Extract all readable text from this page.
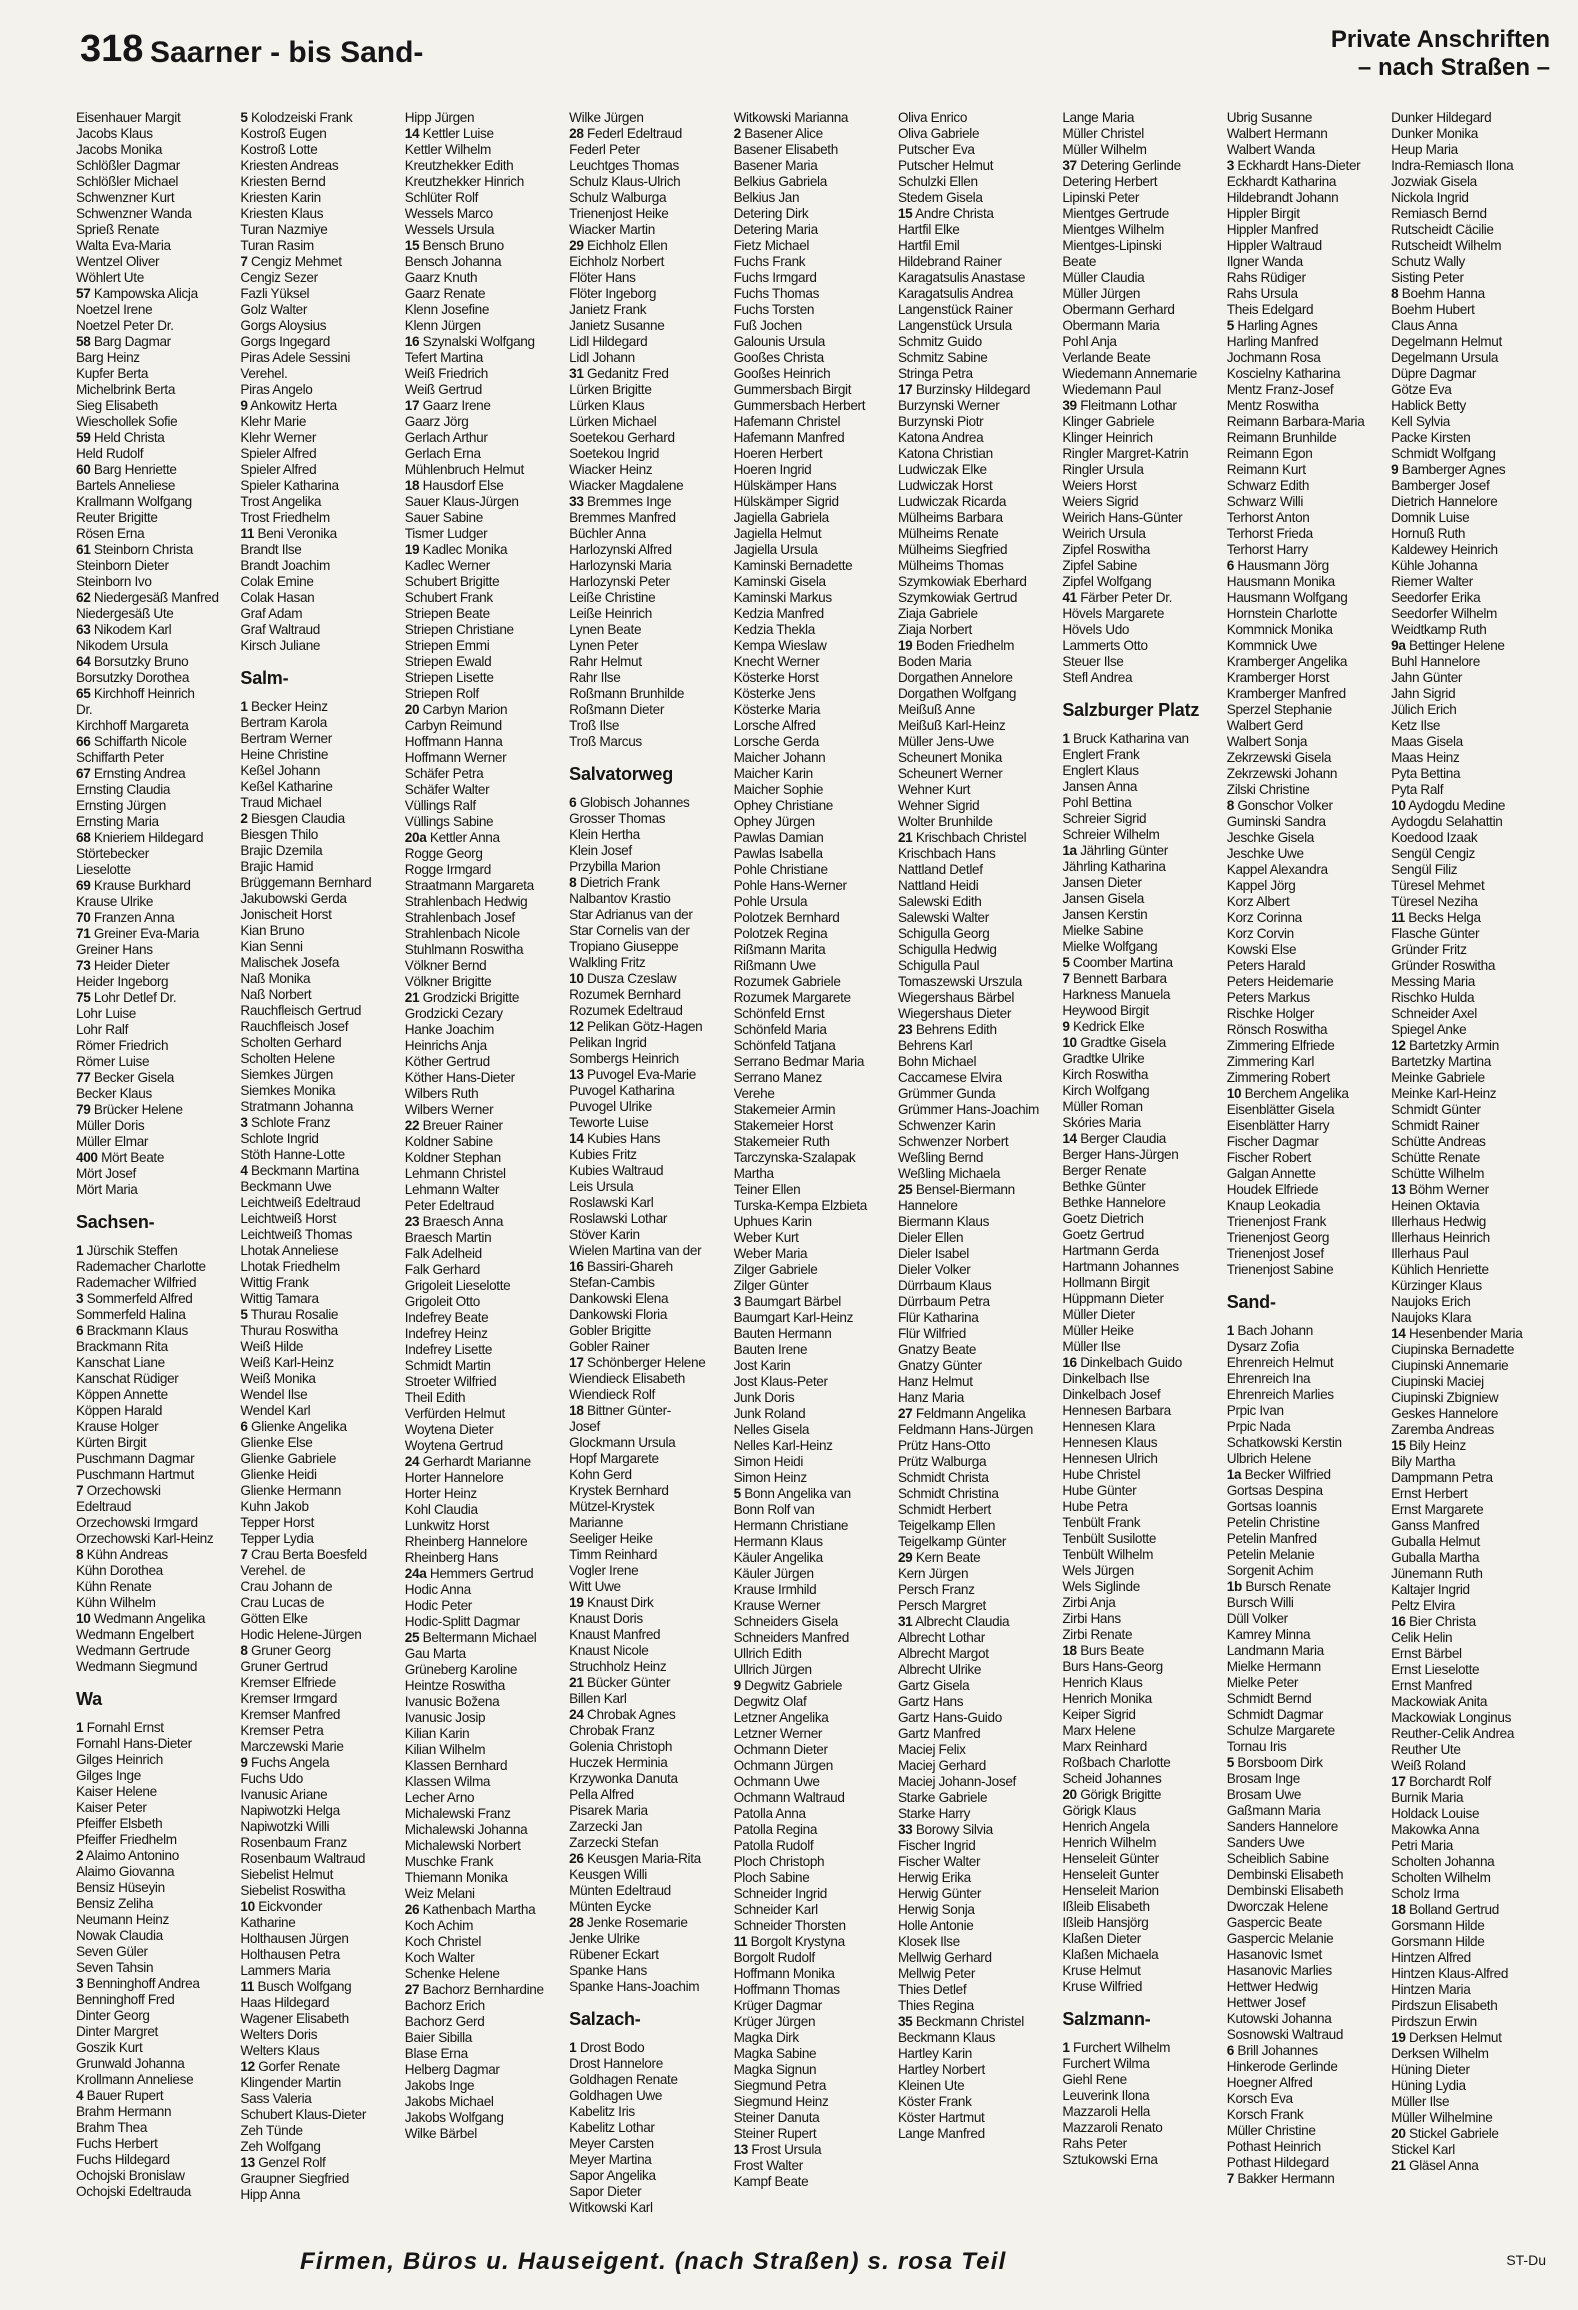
318 Saarner - bis Sand-	Private Anschriften
– nach Straßen –
Eisenhauer Margit
Jacobs Klaus
Jacobs Monika
Schlößler Dagmar
Schlößler Michael
Schwenzner Kurt
Schwenzner Wanda
Sprieß Renate
Walta Eva-Maria
Wentzel Oliver
Wöhlert Ute
57 Kampowska Alicja
Noetzel Irene
Noetzel Peter Dr.
58 Barg Dagmar
Barg Heinz
Kupfer Berta
Michelbrink Berta
Sieg Elisabeth
Wieschollek Sofie
59 Held Christa
Held Rudolf
60 Barg Henriette
Bartels Anneliese
Krallmann Wolfgang
Reuter Brigitte
Rösen Erna
61 Steinborn Christa
Steinborn Dieter
Steinborn Ivo
62 Niedergesäß Manfred
Niedergesäß Ute
63 Nikodem Karl
Nikodem Ursula
64 Borsutzky Bruno
Borsutzky Dorothea
65 Kirchhoff Heinrich
Dr.
Kirchhoff Margareta
66 Schiffarth Nicole
Schiffarth Peter
67 Ernsting Andrea
Ernsting Claudia
Ernsting Jürgen
Ernsting Maria
68 Knieriem Hildegard
Störtebecker
Lieselotte
69 Krause Burkhard
Krause Ulrike
70 Franzen Anna
71 Greiner Eva-Maria
Greiner Hans
73 Heider Dieter
Heider Ingeborg
75 Lohr Detlef Dr.
Lohr Luise
Lohr Ralf
Römer Friedrich
Römer Luise
77 Becker Gisela
Becker Klaus
79 Brücker Helene
Müller Doris
Müller Elmar
400 Mört Beate
Mört Josef
Mört Maria
Sachsen-
1 Jürschik Steffen
Rademacher Charlotte
Rademacher Wilfried
3 Sommerfeld Alfred
Sommerfeld Halina
6 Brackmann Klaus
Brackmann Rita
Kanschat Liane
Kanschat Rüdiger
Köppen Annette
Köppen Harald
Krause Holger
Kürten Birgit
Puschmann Dagmar
Puschmann Hartmut
7 Orzechowski
Edeltraud
Orzechowski Irmgard
Orzechowski Karl-Heinz
8 Kühn Andreas
Kühn Dorothea
Kühn Renate
Kühn Wilhelm
10 Wedmann Angelika
Wedmann Engelbert
Wedmann Gertrude
Wedmann Siegmund
Wa
1 Fornahl Ernst
Fornahl Hans-Dieter
Gilges Heinrich
Gilges Inge
Kaiser Helene
Kaiser Peter
Pfeiffer Elsbeth
Pfeiffer Friedhelm
2 Alaimo Antonino
Alaimo Giovanna
Bensiz Hüseyin
Bensiz Zeliha
Neumann Heinz
Nowak Claudia
Seven Güler
Seven Tahsin
3 Benninghoff Andrea
Benninghoff Fred
Dinter Georg
Dinter Margret
Goszik Kurt
Grunwald Johanna
Krollmann Anneliese
4 Bauer Rupert
Brahm Hermann
Brahm Thea
Fuchs Herbert
Fuchs Hildegard
Ochojski Bronislaw
Ochojski Edeltrauda
5 Kolodzeiski Frank
Kostroß Eugen
Kostroß Lotte
Kriesten Andreas
Kriesten Bernd
Kriesten Karin
Kriesten Klaus
Turan Nazmiye
Turan Rasim
7 Cengiz Mehmet
Cengiz Sezer
Fazli Yüksel
Golz Walter
Gorgs Aloysius
Gorgs Ingegard
Piras Adele Sessini
Verehel.
Piras Angelo
9 Ankowitz Herta
Klehr Marie
Klehr Werner
Spieler Alfred
Spieler Alfred
Spieler Katharina
Trost Angelika
Trost Friedhelm
11 Beni Veronika
Brandt Ilse
Brandt Joachim
Colak Emine
Colak Hasan
Graf Adam
Graf Waltraud
Kirsch Juliane
Salm-
1 Becker Heinz
Bertram Karola
Bertram Werner
Heine Christine
Keßel Johann
Keßel Katharine
Traud Michael
2 Biesgen Claudia
Biesgen Thilo
Brajic Dzemila
Brajic Hamid
Brüggemann Bernhard
Jakubowski Gerda
Jonischeit Horst
Kian Bruno
Kian Senni
Malischek Josefa
Naß Monika
Naß Norbert
Rauchfleisch Gertrud
Rauchfleisch Josef
Scholten Gerhard
Scholten Helene
Siemkes Jürgen
Siemkes Monika
Stratmann Johanna
3 Schlote Franz
Schlote Ingrid
Stöth Hanne-Lotte
4 Beckmann Martina
Beckmann Uwe
Leichtweiß Edeltraud
Leichtweiß Horst
Leichtweiß Thomas
Lhotak Anneliese
Lhotak Friedhelm
Wittig Frank
Wittig Tamara
5 Thurau Rosalie
Thurau Roswitha
Weiß Hilde
Weiß Karl-Heinz
Weiß Monika
Wendel Ilse
Wendel Karl
6 Glienke Angelika
Glienke Else
Glienke Gabriele
Glienke Heidi
Glienke Hermann
Kuhn Jakob
Tepper Horst
Tepper Lydia
7 Crau Berta Boesfeld
Verehel. de
Crau Johann de
Crau Lucas de
Götten Elke
Hodic Helene-Jürgen
8 Gruner Georg
Gruner Gertrud
Kremser Elfriede
Kremser Irmgard
Kremser Manfred
Kremser Petra
Marczewski Marie
9 Fuchs Angela
Fuchs Udo
Ivanusic Ariane
Napiwotzki Helga
Napiwotzki Willi
Rosenbaum Franz
Rosenbaum Waltraud
Siebelist Helmut
Siebelist Roswitha
10 Eickvonder
Katharine
Holthausen Jürgen
Holthausen Petra
Lammers Maria
11 Busch Wolfgang
Haas Hildegard
Wagener Elisabeth
Welters Doris
Welters Klaus
12 Gorfer Renate
Klingender Martin
Sass Valeria
Schubert Klaus-Dieter
Zeh Tünde
Zeh Wolfgang
13 Genzel Rolf
Graupner Siegfried
Hipp Anna
Hipp Jürgen
14 Kettler Luise
Kettler Wilhelm
Kreutzhekker Edith
Kreutzhekker Hinrich
Schlüter Rolf
Wessels Marco
Wessels Ursula
15 Bensch Bruno
Bensch Johanna
Gaarz Knuth
Gaarz Renate
Klenn Josefine
Klenn Jürgen
16 Szynalski Wolfgang
Tefert Martina
Weiß Friedrich
Weiß Gertrud
17 Gaarz Irene
Gaarz Jörg
Gerlach Arthur
Gerlach Erna
Mühlenbruch Helmut
18 Hausdorf Else
Sauer Klaus-Jürgen
Sauer Sabine
Tismer Ludger
19 Kadlec Monika
Kadlec Werner
Schubert Brigitte
Schubert Frank
Striepen Beate
Striepen Christiane
Striepen Emmi
Striepen Ewald
Striepen Lisette
Striepen Rolf
20 Carbyn Marion
Carbyn Reimund
Hoffmann Hanna
Hoffmann Werner
Schäfer Petra
Schäfer Walter
Vüllings Ralf
Vüllings Sabine
20a Kettler Anna
Rogge Georg
Rogge Irmgard
Straatmann Margareta
Strahlenbach Hedwig
Strahlenbach Josef
Strahlenbach Nicole
Stuhlmann Roswitha
Völkner Bernd
Völkner Brigitte
21 Grodzicki Brigitte
Grodzicki Cezary
Hanke Joachim
Heinrichs Anja
Köther Gertrud
Köther Hans-Dieter
Wilbers Ruth
Wilbers Werner
22 Breuer Rainer
Koldner Sabine
Koldner Stephan
Lehmann Christel
Lehmann Walter
Peter Edeltraud
23 Braesch Anna
Braesch Martin
Falk Adelheid
Falk Gerhard
Grigoleit Lieselotte
Grigoleit Otto
Indefrey Beate
Indefrey Heinz
Indefrey Lisette
Schmidt Martin
Stroeter Wilfried
Theil Edith
Verfürden Helmut
Woytena Dieter
Woytena Gertrud
24 Gerhardt Marianne
Horter Hannelore
Horter Heinz
Kohl Claudia
Lunkwitz Horst
Rheinberg Hannelore
Rheinberg Hans
24a Hemmers Gertrud
Hodic Anna
Hodic Peter
Hodic-Splitt Dagmar
25 Beltermann Michael
Gau Marta
Grüneberg Karoline
Heintze Roswitha
Ivanusic Božena
Ivanusic Josip
Kilian Karin
Kilian Wilhelm
Klassen Bernhard
Klassen Wilma
Lecher Arno
Michalewski Franz
Michalewski Johanna
Michalewski Norbert
Muschke Frank
Thiemann Monika
Weiz Melani
26 Kathenbach Martha
Koch Achim
Koch Christel
Koch Walter
Schenke Helene
27 Bachorz Bernhardine
Bachorz Erich
Bachorz Gerd
Baier Sibilla
Blase Erna
Helberg Dagmar
Jakobs Inge
Jakobs Michael
Jakobs Wolfgang
Wilke Bärbel
Wilke Jürgen
28 Federl Edeltraud
Federl Peter
Leuchtges Thomas
Schulz Klaus-Ulrich
Schulz Walburga
Trienenjost Heike
Wiacker Martin
29 Eichholz Ellen
Eichholz Norbert
Flöter Hans
Flöter Ingeborg
Janietz Frank
Janietz Susanne
Lidl Hildegard
Lidl Johann
31 Gedanitz Fred
Lürken Brigitte
Lürken Klaus
Lürken Michael
Soetekou Gerhard
Soetekou Ingrid
Wiacker Heinz
Wiacker Magdalene
33 Bremmes Inge
Bremmes Manfred
Büchler Anna
Harlozynski Alfred
Harlozynski Maria
Harlozynski Peter
Leiße Christine
Leiße Heinrich
Lynen Beate
Lynen Peter
Rahr Helmut
Rahr Ilse
Roßmann Brunhilde
Roßmann Dieter
Troß Ilse
Troß Marcus
Salvatorweg
6 Globisch Johannes
Grosser Thomas
Klein Hertha
Klein Josef
Przybilla Marion
8 Dietrich Frank
Nalbantov Krastio
Star Adrianus van der
Star Cornelis van der
Tropiano Giuseppe
Walkling Fritz
10 Dusza Czeslaw
Rozumek Bernhard
Rozumek Edeltraud
12 Pelikan Götz-Hagen
Pelikan Ingrid
Sombergs Heinrich
13 Puvogel Eva-Marie
Puvogel Katharina
Puvogel Ulrike
Teworte Luise
14 Kubies Hans
Kubies Fritz
Kubies Waltraud
Leis Ursula
Roslawski Karl
Roslawski Lothar
Stöver Karin
Wielen Martina van der
16 Bassiri-Ghareh
Stefan-Cambis
Dankowski Elena
Dankowski Floria
Gobler Brigitte
Gobler Rainer
17 Schönberger Helene
Wiendieck Elisabeth
Wiendieck Rolf
18 Bittner Günter-
Josef
Glockmann Ursula
Hopf Margarete
Kohn Gerd
Krystek Bernhard
Mützel-Krystek
Marianne
Seeliger Heike
Timm Reinhard
Vogler Irene
Witt Uwe
19 Knaust Dirk
Knaust Doris
Knaust Manfred
Knaust Nicole
Struchholz Heinz
21 Bücker Günter
Billen Karl
24 Chrobak Agnes
Chrobak Franz
Golenia Christoph
Huczek Herminia
Krzywonka Danuta
Pella Alfred
Pisarek Maria
Zarzecki Jan
Zarzecki Stefan
26 Keusgen Maria-Rita
Keusgen Willi
Münten Edeltraud
Münten Eycke
28 Jenke Rosemarie
Jenke Ulrike
Rübener Eckart
Spanke Hans
Spanke Hans-Joachim
Salzach-
1 Drost Bodo
Drost Hannelore
Goldhagen Renate
Goldhagen Uwe
Kabelitz Iris
Kabelitz Lothar
Meyer Carsten
Meyer Martina
Sapor Angelika
Sapor Dieter
Witkowski Karl
Witkowski Marianna
2 Basener Alice
Basener Elisabeth
Basener Maria
Belkius Gabriela
Belkius Jan
Detering Dirk
Detering Maria
Fietz Michael
Fuchs Frank
Fuchs Irmgard
Fuchs Thomas
Fuchs Torsten
Fuß Jochen
Galounis Ursula
Gooßes Christa
Gooßes Heinrich
Gummersbach Birgit
Gummersbach Herbert
Hafemann Christel
Hafemann Manfred
Hoeren Herbert
Hoeren Ingrid
Hülskämper Hans
Hülskämper Sigrid
Jagiella Gabriela
Jagiella Helmut
Jagiella Ursula
Kaminski Bernadette
Kaminski Gisela
Kaminski Markus
Kedzia Manfred
Kedzia Thekla
Kempa Wieslaw
Knecht Werner
Kösterke Horst
Kösterke Jens
Kösterke Maria
Lorsche Alfred
Lorsche Gerda
Maicher Johann
Maicher Karin
Maicher Sophie
Ophey Christiane
Ophey Jürgen
Pawlas Damian
Pawlas Isabella
Pohle Christiane
Pohle Hans-Werner
Pohle Ursula
Polotzek Bernhard
Polotzek Regina
Rißmann Marita
Rißmann Uwe
Rozumek Gabriele
Rozumek Margarete
Schönfeld Ernst
Schönfeld Maria
Schönfeld Tatjana
Serrano Bedmar Maria
Serrano Manez
Verehe
Stakemeier Armin
Stakemeier Horst
Stakemeier Ruth
Tarczynska-Szalapak
Martha
Teiner Ellen
Turska-Kempa Elzbieta
Uphues Karin
Weber Kurt
Weber Maria
Zilger Gabriele
Zilger Günter
3 Baumgart Bärbel
Baumgart Karl-Heinz
Bauten Hermann
Bauten Irene
Jost Karin
Jost Klaus-Peter
Junk Doris
Junk Roland
Nelles Gisela
Nelles Karl-Heinz
Simon Heidi
Simon Heinz
5 Bonn Angelika van
Bonn Rolf van
Hermann Christiane
Hermann Klaus
Käuler Angelika
Käuler Jürgen
Krause Irmhild
Krause Werner
Schneiders Gisela
Schneiders Manfred
Ullrich Edith
Ullrich Jürgen
9 Degwitz Gabriele
Degwitz Olaf
Letzner Angelika
Letzner Werner
Ochmann Dieter
Ochmann Jürgen
Ochmann Uwe
Ochmann Waltraud
Patolla Anna
Patolla Regina
Patolla Rudolf
Ploch Christoph
Ploch Sabine
Schneider Ingrid
Schneider Karl
Schneider Thorsten
11 Borgolt Krystyna
Borgolt Rudolf
Hoffmann Monika
Hoffmann Thomas
Krüger Dagmar
Krüger Jürgen
Magka Dirk
Magka Sabine
Magka Signun
Siegmund Petra
Siegmund Heinz
Steiner Danuta
Steiner Rupert
13 Frost Ursula
Frost Walter
Kampf Beate
Oliva Enrico
Oliva Gabriele
Putscher Eva
Putscher Helmut
Schulzki Ellen
Stedem Gisela
15 Andre Christa
Hartfil Elke
Hartfil Emil
Hildebrand Rainer
Karagatsulis Anastase
Karagatsulis Andrea
Langenstück Rainer
Langenstück Ursula
Schmitz Guido
Schmitz Sabine
Stringa Petra
17 Burzinsky Hildegard
Burzynski Werner
Burzynski Piotr
Katona Andrea
Katona Christian
Ludwiczak Elke
Ludwiczak Horst
Ludwiczak Ricarda
Mülheims Barbara
Mülheims Renate
Mülheims Siegfried
Mülheims Thomas
Szymkowiak Eberhard
Szymkowiak Gertrud
Ziaja Gabriele
Ziaja Norbert
19 Boden Friedhelm
Boden Maria
Dorgathen Annelore
Dorgathen Wolfgang
Meißuß Anne
Meißuß Karl-Heinz
Müller Jens-Uwe
Scheunert Monika
Scheunert Werner
Wehner Kurt
Wehner Sigrid
Wolter Brunhilde
21 Krischbach Christel
Krischbach Hans
Nattland Detlef
Nattland Heidi
Salewski Edith
Salewski Walter
Schigulla Georg
Schigulla Hedwig
Schigulla Paul
Tomaszewski Urszula
Wiegershaus Bärbel
Wiegershaus Dieter
23 Behrens Edith
Behrens Karl
Bohn Michael
Caccamese Elvira
Grümmer Gunda
Grümmer Hans-Joachim
Schwenzer Karin
Schwenzer Norbert
Weßling Bernd
Weßling Michaela
25 Bensel-Biermann
Hannelore
Biermann Klaus
Dieler Ellen
Dieler Isabel
Dieler Volker
Dürrbaum Klaus
Dürrbaum Petra
Flür Katharina
Flür Wilfried
Gnatzy Beate
Gnatzy Günter
Hanz Helmut
Hanz Maria
27 Feldmann Angelika
Feldmann Hans-Jürgen
Prütz Hans-Otto
Prütz Walburga
Schmidt Christa
Schmidt Christina
Schmidt Herbert
Teigelkamp Ellen
Teigelkamp Günter
29 Kern Beate
Kern Jürgen
Persch Franz
Persch Margret
31 Albrecht Claudia
Albrecht Lothar
Albrecht Margot
Albrecht Ulrike
Gartz Gisela
Gartz Hans
Gartz Hans-Guido
Gartz Manfred
Maciej Felix
Maciej Gerhard
Maciej Johann-Josef
Starke Gabriele
Starke Harry
33 Borowy Silvia
Fischer Ingrid
Fischer Walter
Herwig Erika
Herwig Günter
Herwig Sonja
Holle Antonie
Klosek Ilse
Mellwig Gerhard
Mellwig Peter
Thies Detlef
Thies Regina
35 Beckmann Christel
Beckmann Klaus
Hartley Karin
Hartley Norbert
Kleinen Ute
Köster Frank
Köster Hartmut
Lange Manfred
Lange Maria
Müller Christel
Müller Wilhelm
37 Detering Gerlinde
Detering Herbert
Lipinski Peter
Mientges Gertrude
Mientges Wilhelm
Mientges-Lipinski
Beate
Müller Claudia
Müller Jürgen
Obermann Gerhard
Obermann Maria
Pohl Anja
Verlande Beate
Wiedemann Annemarie
Wiedemann Paul
39 Fleitmann Lothar
Klinger Gabriele
Klinger Heinrich
Ringler Margret-Katrin
Ringler Ursula
Weiers Horst
Weiers Sigrid
Weirich Hans-Günter
Weirich Ursula
Zipfel Roswitha
Zipfel Sabine
Zipfel Wolfgang
41 Färber Peter Dr.
Hövels Margarete
Hövels Udo
Lammerts Otto
Steuer Ilse
Stefl Andrea
Salzburger Platz
1 Bruck Katharina van
Englert Frank
Englert Klaus
Jansen Anna
Pohl Bettina
Schreier Sigrid
Schreier Wilhelm
1a Jährling Günter
Jährling Katharina
Jansen Dieter
Jansen Gisela
Jansen Kerstin
Mielke Sabine
Mielke Wolfgang
5 Coomber Martina
7 Bennett Barbara
Harkness Manuela
Heywood Birgit
9 Kedrick Elke
10 Gradtke Gisela
Gradtke Ulrike
Kirch Roswitha
Kirch Wolfgang
Müller Roman
Skóries Maria
14 Berger Claudia
Berger Hans-Jürgen
Berger Renate
Bethke Günter
Bethke Hannelore
Goetz Dietrich
Goetz Gertrud
Hartmann Gerda
Hartmann Johannes
Hollmann Birgit
Hüppmann Dieter
Müller Dieter
Müller Heike
Müller Ilse
16 Dinkelbach Guido
Dinkelbach Ilse
Dinkelbach Josef
Hennesen Barbara
Hennesen Klara
Hennesen Klaus
Hennesen Ulrich
Hube Christel
Hube Günter
Hube Petra
Tenbült Frank
Tenbült Susilotte
Tenbült Wilhelm
Wels Jürgen
Wels Siglinde
Zirbi Anja
Zirbi Hans
Zirbi Renate
18 Burs Beate
Burs Hans-Georg
Henrich Klaus
Henrich Monika
Keiper Sigrid
Marx Helene
Marx Reinhard
Roßbach Charlotte
Scheid Johannes
20 Görigk Brigitte
Görigk Klaus
Henrich Angela
Henrich Wilhelm
Henseleit Günter
Henseleit Gunter
Henseleit Marion
Ißleib Elisabeth
Ißleib Hansjörg
Klaßen Dieter
Klaßen Michaela
Kruse Helmut
Kruse Wilfried
Salzmann-
1 Furchert Wilhelm
Furchert Wilma
Giehl Rene
Leuverink Ilona
Mazzaroli Hella
Mazzaroli Renato
Rahs Peter
Sztukowski Erna
Ubrig Susanne
Walbert Hermann
Walbert Wanda
3 Eckhardt Hans-Dieter
Eckhardt Katharina
Hildebrandt Johann
Hippler Birgit
Hippler Manfred
Hippler Waltraud
Ilgner Wanda
Rahs Rüdiger
Rahs Ursula
Theis Edelgard
5 Harling Agnes
Harling Manfred
Jochmann Rosa
Koscielny Katharina
Mentz Franz-Josef
Mentz Roswitha
Reimann Barbara-Maria
Reimann Brunhilde
Reimann Egon
Reimann Kurt
Schwarz Edith
Schwarz Willi
Terhorst Anton
Terhorst Frieda
Terhorst Harry
6 Hausmann Jörg
Hausmann Monika
Hausmann Wolfgang
Hornstein Charlotte
Kommnick Monika
Kommnick Uwe
Kramberger Angelika
Kramberger Horst
Kramberger Manfred
Sperzel Stephanie
Walbert Gerd
Walbert Sonja
Zekrzewski Gisela
Zekrzewski Johann
Zilski Christine
8 Gonschor Volker
Guminski Sandra
Jeschke Gisela
Jeschke Uwe
Kappel Alexandra
Kappel Jörg
Korz Albert
Korz Corinna
Korz Corvin
Kowski Else
Peters Harald
Peters Heidemarie
Peters Markus
Rischke Holger
Rönsch Roswitha
Zimmering Elfriede
Zimmering Karl
Zimmering Robert
10 Berchem Angelika
Eisenblätter Gisela
Eisenblätter Harry
Fischer Dagmar
Fischer Robert
Galgan Annette
Houdek Elfriede
Knaup Leokadia
Trienenjost Frank
Trienenjost Georg
Trienenjost Josef
Trienenjost Sabine
Sand-
1 Bach Johann
Dysarz Zofia
Ehrenreich Helmut
Ehrenreich Ina
Ehrenreich Marlies
Prpic Ivan
Prpic Nada
Schatkowski Kerstin
Ulbrich Helene
1a Becker Wilfried
Gortsas Despina
Gortsas Ioannis
Petelin Christine
Petelin Manfred
Petelin Melanie
Sorgenit Achim
1b Bursch Renate
Bursch Willi
Düll Volker
Kamrey Minna
Landmann Maria
Mielke Hermann
Mielke Peter
Schmidt Bernd
Schmidt Dagmar
Schulze Margarete
Tornau Iris
5 Borsboom Dirk
Brosam Inge
Brosam Uwe
Gaßmann Maria
Sanders Hannelore
Sanders Uwe
Scheiblich Sabine
Dembinski Elisabeth
Dembinski Elisabeth
Dworczak Helene
Gaspercic Beate
Gaspercic Melanie
Hasanovic Ismet
Hasanovic Marlies
Hettwer Hedwig
Hettwer Josef
Kutowski Johanna
Sosnowski Waltraud
6 Brill Johannes
Hinkerode Gerlinde
Hoegner Alfred
Korsch Eva
Korsch Frank
Müller Christine
Pothast Heinrich
Pothast Hildegard
7 Bakker Hermann
Dunker Hildegard
Dunker Monika
Heup Maria
Indra-Remiasch Ilona
Jozwiak Gisela
Nickola Ingrid
Remiasch Bernd
Rutscheidt Cäcilie
Rutscheidt Wilhelm
Schutz Wally
Sisting Peter
8 Boehm Hanna
Boehm Hubert
Claus Anna
Degelmann Helmut
Degelmann Ursula
Düpre Dagmar
Götze Eva
Hablick Betty
Kell Sylvia
Packe Kirsten
Schmidt Wolfgang
9 Bamberger Agnes
Bamberger Josef
Dietrich Hannelore
Domnik Luise
Hornuß Ruth
Kaldewey Heinrich
Kühle Johanna
Riemer Walter
Seedorfer Erika
Seedorfer Wilhelm
Weidtkamp Ruth
9a Bettinger Helene
Buhl Hannelore
Jahn Günter
Jahn Sigrid
Jülich Erich
Ketz Ilse
Maas Gisela
Maas Heinz
Pyta Bettina
Pyta Ralf
10 Aydogdu Medine
Aydogdu Selahattin
Koedood Izaak
Sengül Cengiz
Sengül Filiz
Türesel Mehmet
Türesel Neziha
11 Becks Helga
Flasche Günter
Gründer Fritz
Gründer Roswitha
Messing Maria
Rischko Hulda
Schneider Axel
Spiegel Anke
12 Bartetzky Armin
Bartetzky Martina
Meinke Gabriele
Meinke Karl-Heinz
Schmidt Günter
Schmidt Rainer
Schütte Andreas
Schütte Renate
Schütte Wilhelm
13 Böhm Werner
Heinen Oktavia
Illerhaus Hedwig
Illerhaus Heinrich
Illerhaus Paul
Kühlich Henriette
Kürzinger Klaus
Naujoks Erich
Naujoks Klara
14 Hesenbender Maria
Ciupinska Bernadette
Ciupinski Annemarie
Ciupinski Maciej
Ciupinski Zbigniew
Geskes Hannelore
Zaremba Andreas
15 Bily Heinz
Bily Martha
Dampmann Petra
Ernst Herbert
Ernst Margarete
Ganss Manfred
Guballa Helmut
Guballa Martha
Jünemann Ruth
Kaltajer Ingrid
Peltz Elvira
16 Bier Christa
Celik Helin
Ernst Bärbel
Ernst Lieselotte
Ernst Manfred
Mackowiak Anita
Mackowiak Longinus
Reuther-Celik Andrea
Reuther Ute
Weiß Roland
17 Borchardt Rolf
Burnik Maria
Holdack Louise
Makowka Anna
Petri Maria
Scholten Johanna
Scholten Wilhelm
Scholz Irma
18 Bolland Gertrud
Gorsmann Hilde
Gorsmann Hilde
Hintzen Alfred
Hintzen Klaus-Alfred
Hintzen Maria
Pirdszun Elisabeth
Pirdszun Erwin
19 Derksen Helmut
Derksen Wilhelm
Hüning Dieter
Hüning Lydia
Müller Ilse
Müller Wilhelmine
20 Stickel Gabriele
Stickel Karl
21 Gläsel Anna
Firmen, Büros u. Hauseigent. (nach Straßen) s. rosa Teil	ST-Du
